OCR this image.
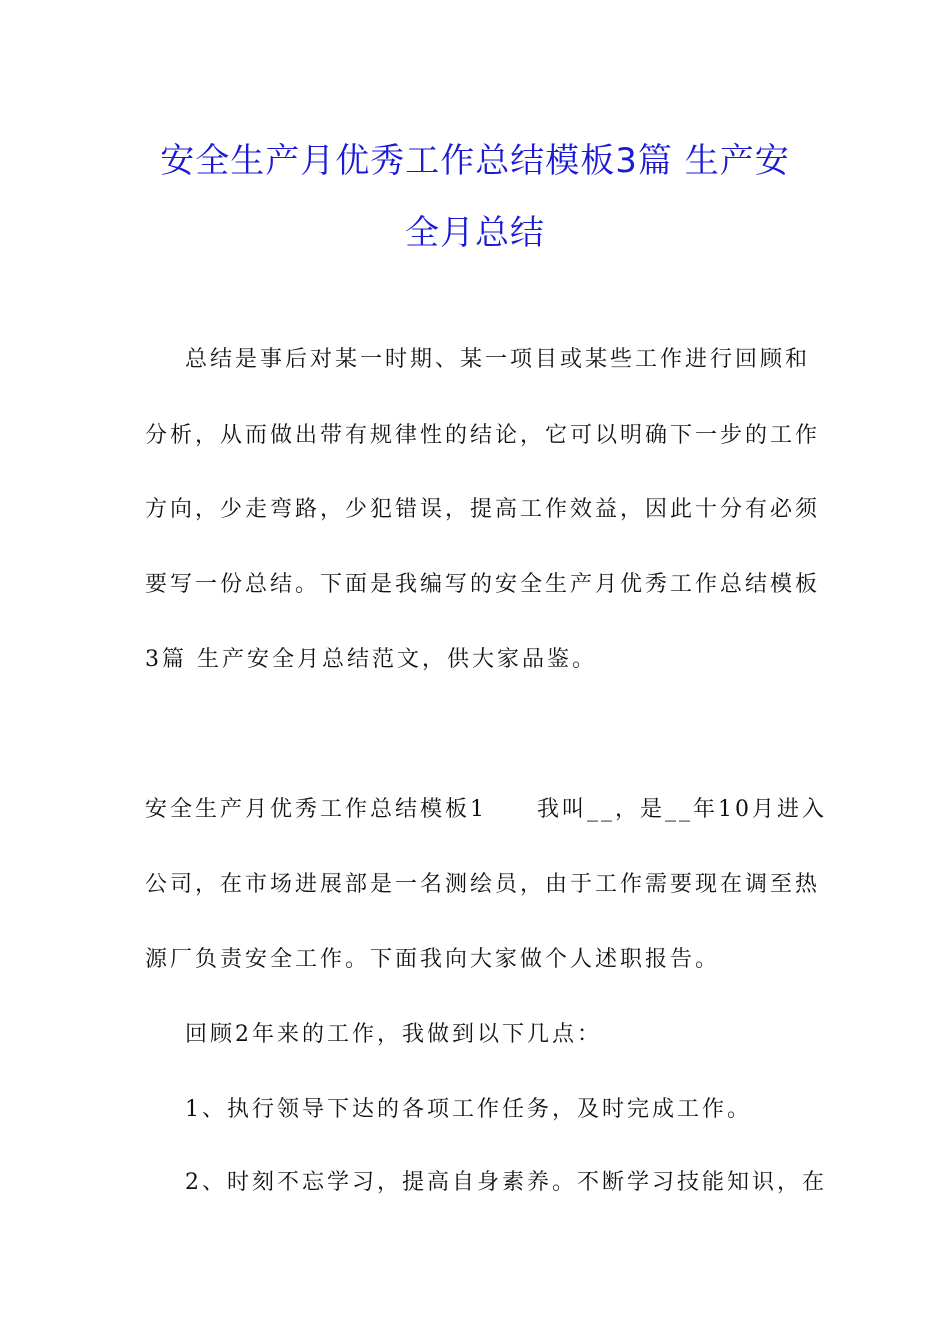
安全生产月优秀工作总结模板3篇 生产安
全月总结
总结是事后对某一时期、某一项目或某些工作进行回顾和
分析，从而做出带有规律性的结论，它可以明确下一步的工作
方向，少走弯路，少犯错误，提高工作效益，因此十分有必须
要写一份总结。下面是我编写的安全生产月优秀工作总结模板
3篇 生产安全月总结范文，供大家品鉴。
安全生产月优秀工作总结模板1     我叫__，是__年10月进入
公司，在市场进展部是一名测绘员，由于工作需要现在调至热
源厂负责安全工作。下面我向大家做个人述职报告。
回顾2年来的工作，我做到以下几点：
1、执行领导下达的各项工作任务，及时完成工作。
2、时刻不忘学习，提高自身素养。不断学习技能知识，在
